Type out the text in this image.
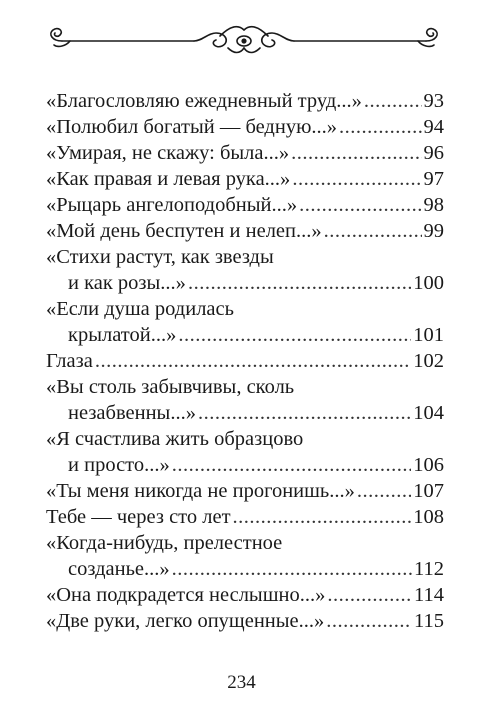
«Благословляю ежедневный труд...» .....	93
«Полюбил богатый — бедную...» .....	94
«Умирая, не скажу: была...» .....	96
«Как правая и левая рука...» .....	97
«Рыцарь ангелоподобный...» .....	98
«Мой день беспутен и нелеп...» .....	99
«Стихи растут, как звезды
и как розы...» .....	100
«Если душа родилась
крылатой...» .....	101
Глаза .....	102
«Вы столь забывчивы, сколь
незабвенны...» .....	104
«Я счастлива жить образцово
и просто...» .....	106
«Ты меня никогда не прогонишь...» .....	107
Тебе — через сто лет .....	108
«Когда-нибудь, прелестное
созданье...» .....	112
«Она подкрадется неслышно...» .....	114
«Две руки, легко опущенные...» .....	115
234
